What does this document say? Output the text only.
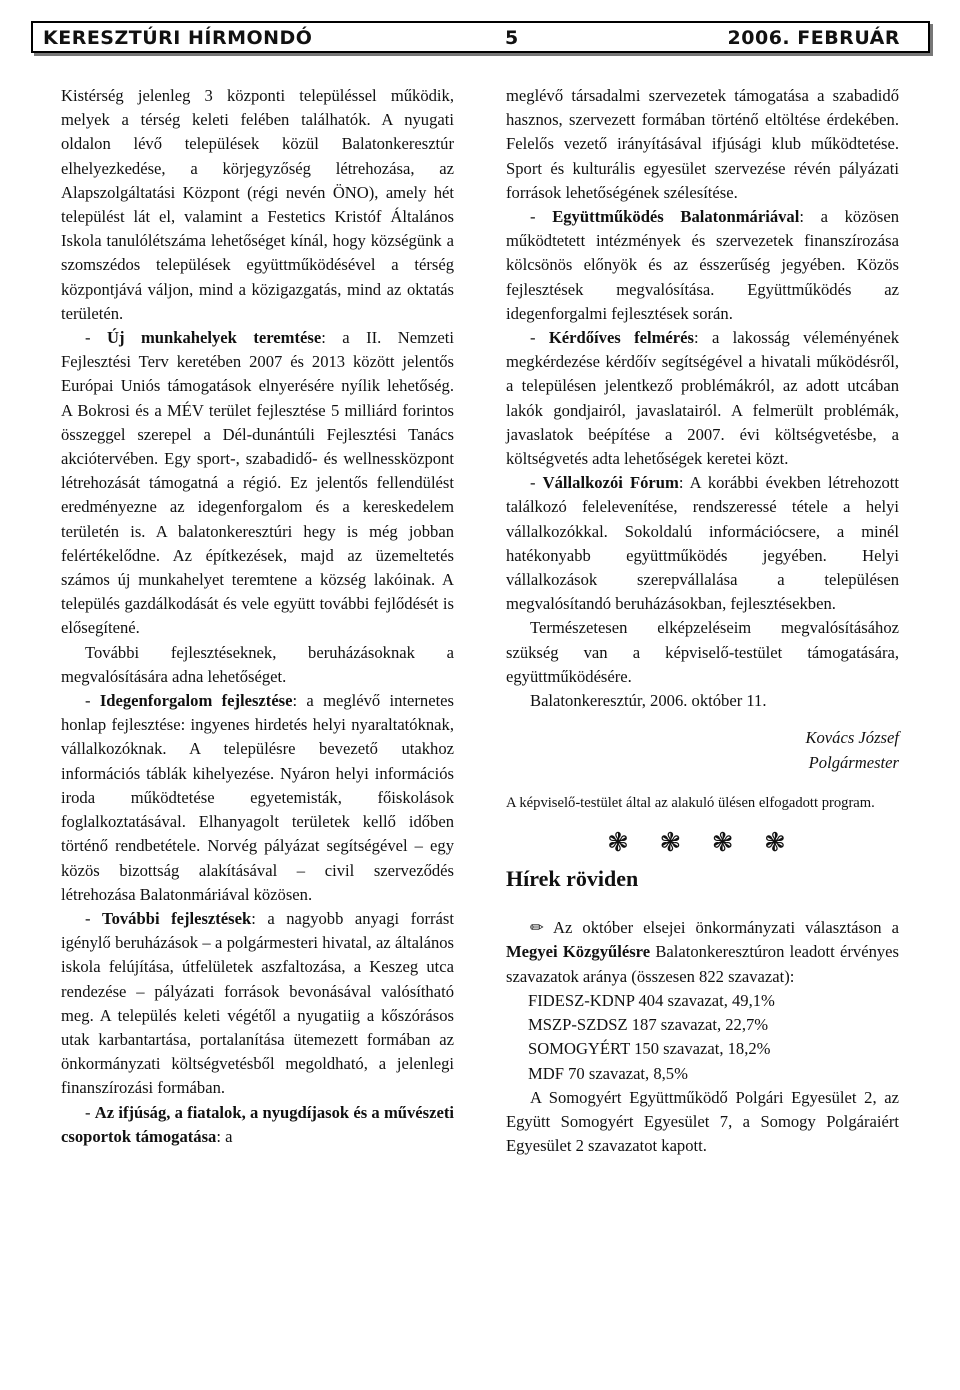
KERESZTÚRI HÍRMONDÓ	5	2006. FEBRUÁR

Kistérség jelenleg 3 központi településsel működik, melyek a térség keleti felében találhatók. A nyugati oldalon lévő települések közül Balatonkeresztúr elhelyezkedése, a körjegyzőség létrehozása, az Alapszolgáltatási Központ (régi nevén ÖNO), amely hét települést lát el, valamint a Festetics Kristóf Általános Iskola tanulólétszáma lehetőséget kínál, hogy községünk a szomszédos települések együttműködésével a térség központjává váljon, mind a közigazgatás, mind az oktatás területén.

- Új munkahelyek teremtése: a II. Nemzeti Fejlesztési Terv keretében 2007 és 2013 között jelentős Európai Uniós támogatások elnyerésére nyílik lehetőség. A Bokrosi és a MÉV terület fejlesztése 5 milliárd forintos összeggel szerepel a Dél-dunántúli Fejlesztési Tanács akciótervében. Egy sport-, szabadidő- és wellnessközpont létrehozását támogatná a régió. Ez jelentős fellendülést eredményezne az idegenforgalom és a kereskedelem területén is. A balatonkeresztúri hegy is még jobban felértékelődne. Az építkezések, majd az üzemeltetés számos új munkahelyet teremtene a község lakóinak. A település gazdálkodását és vele együtt további fejlődését is elősegítené.

További fejlesztéseknek, beruházásoknak a megvalósítására adna lehetőséget.

- Idegenforgalom fejlesztése: a meglévő internetes honlap fejlesztése: ingyenes hirdetés helyi nyaraltatóknak, vállalkozóknak. A településre bevezető utakhoz információs táblák kihelyezése. Nyáron helyi információs iroda működtetése egyetemisták, főiskolások foglalkoztatásával. Elhanyagolt területek kellő időben történő rendbetétele. Norvég pályázat segítségével – egy közös bizottság alakításával – civil szerveződés létrehozása Balatonmáriával közösen.

- További fejlesztések: a nagyobb anyagi forrást igénylő beruházások – a polgármesteri hivatal, az általános iskola felújítása, útfelületek aszfaltozása, a Keszeg utca rendezése – pályázati források bevonásával valósítható meg. A település keleti végétől a nyugatiig a kőszórásos utak karbantartása, portalanítása ütemezett formában az önkormányzati költségvetésből megoldható, a jelenlegi finanszírozási formában.

- Az ifjúság, a fiatalok, a nyugdíjasok és a művészeti csoportok támogatása: a

meglévő társadalmi szervezetek támogatása a szabadidő hasznos, szervezett formában történő eltöltése érdekében. Felelős vezető irányításával ifjúsági klub működtetése. Sport és kulturális egyesület szervezése révén pályázati források lehetőségének szélesítése.

- Együttműködés Balatonmáriával: a közösen működtetett intézmények és szervezetek finanszírozása kölcsönös előnyök és az ésszerűség jegyében. Közös fejlesztések megvalósítása. Együttműködés az idegenforgalmi fejlesztések során.

- Kérdőíves felmérés: a lakosság véleményének megkérdezése kérdőív segítségével a hivatali működésről, a településen jelentkező problémákról, az adott utcában lakók gondjairól, javaslatairól. A felmerült problémák, javaslatok beépítése a 2007. évi költségvetésbe, a költségvetés adta lehetőségek keretei közt.

- Vállalkozói Fórum: A korábbi években létrehozott találkozó felelevenítése, rendszeressé tétele a helyi vállalkozókkal. Sokoldalú információcsere, a minél hatékonyabb együttműködés jegyében. Helyi vállalkozások szerepvállalása a településen megvalósítandó beruházásokban, fejlesztésekben.

Természetesen elképzeléseim megvalósításához szükség van a képviselő-testület támogatására, együttműködésére.

Balatonkeresztúr, 2006. október 11.

Kovács József
Polgármester

A képviselő-testület által az alakuló ülésen elfogadott program.

❃ ❃ ❃ ❃

Hírek röviden

✏ Az október elsejei önkormányzati választáson a Megyei Közgyűlésre Balatonkeresztúron leadott érvényes szavazatok aránya (összesen 822 szavazat):

FIDESZ-KDNP 404 szavazat, 49,1%

MSZP-SZDSZ 187 szavazat, 22,7%

SOMOGYÉRT 150 szavazat, 18,2%

MDF 70 szavazat, 8,5%

A Somogyért Együttműködő Polgári Egyesület 2, az Együtt Somogyért Egyesület 7, a Somogy Polgáraiért Egyesület 2 szavazatot kapott.
